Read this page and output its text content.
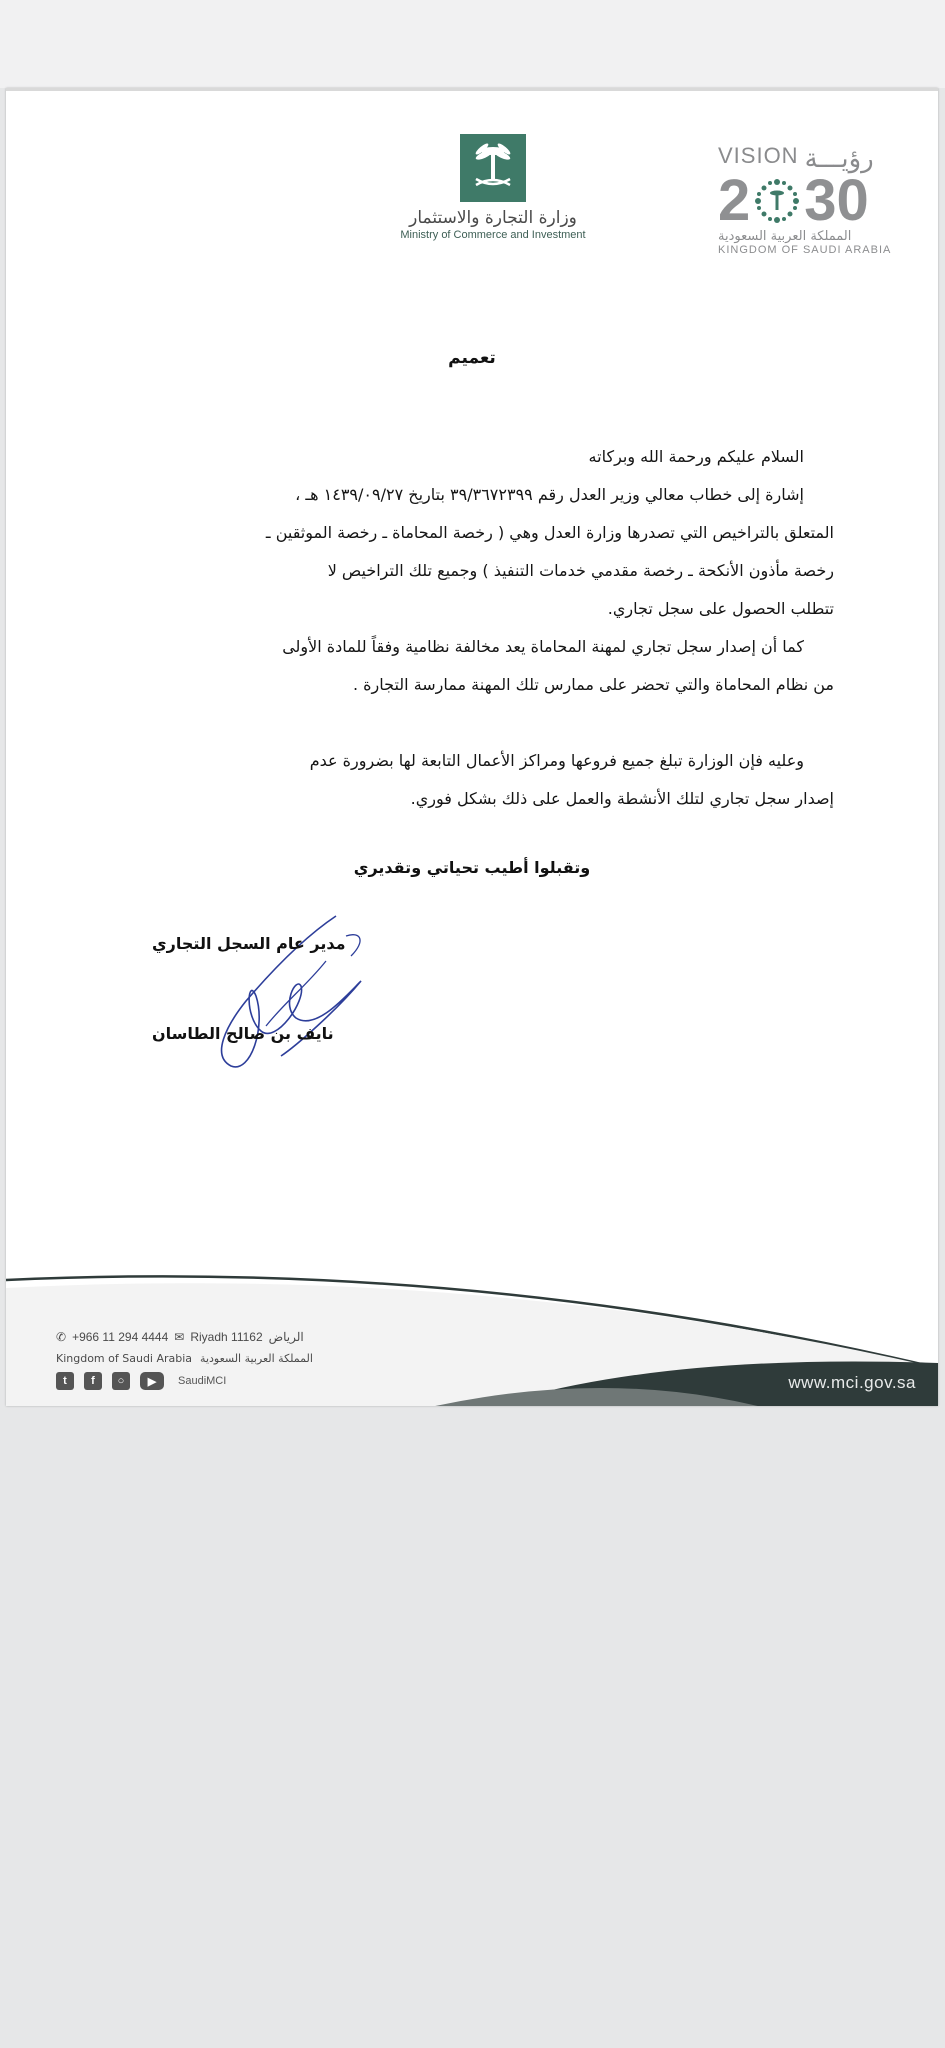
وزارة التجارة والاستثمار
Ministry of Commerce and Investment
VISION رؤيـــة
2 30
المملكة العربية السعودية
KINGDOM OF SAUDI ARABIA
تعميم

السلام عليكم ورحمة الله وبركاته

إشارة إلى خطاب معالي وزير العدل رقم ٣٩/٣٦٧٢٣٩٩ بتاريخ ١٤٣٩/٠٩/٢٧ هـ ،

المتعلق بالتراخيص التي تصدرها وزارة العدل وهي ( رخصة المحاماة ـ رخصة الموثقين ـ

رخصة مأذون الأنكحة ـ رخصة مقدمي خدمات التنفيذ ) وجميع تلك التراخيص لا

تتطلب الحصول على سجل تجاري.

كما أن إصدار سجل تجاري لمهنة المحاماة يعد مخالفة نظامية وفقاً للمادة الأولى

من نظام المحاماة والتي تحضر على ممارس تلك المهنة ممارسة التجارة .

وعليه فإن الوزارة تبلغ جميع فروعها ومراكز الأعمال التابعة لها بضرورة عدم

إصدار سجل تجاري لتلك الأنشطة والعمل على ذلك بشكل فوري.

وتقبلوا أطيب تحياتي وتقديري
مدير عام السجل التجاري
نايف بن صالح الطاسان
✆ +966 11 294 4444 ✉ Riyadh 11162 الرياض
Kingdom of Saudi Arabia المملكة العربية السعودية
t	f	○	▶	SaudiMCI	www.mci.gov.sa
